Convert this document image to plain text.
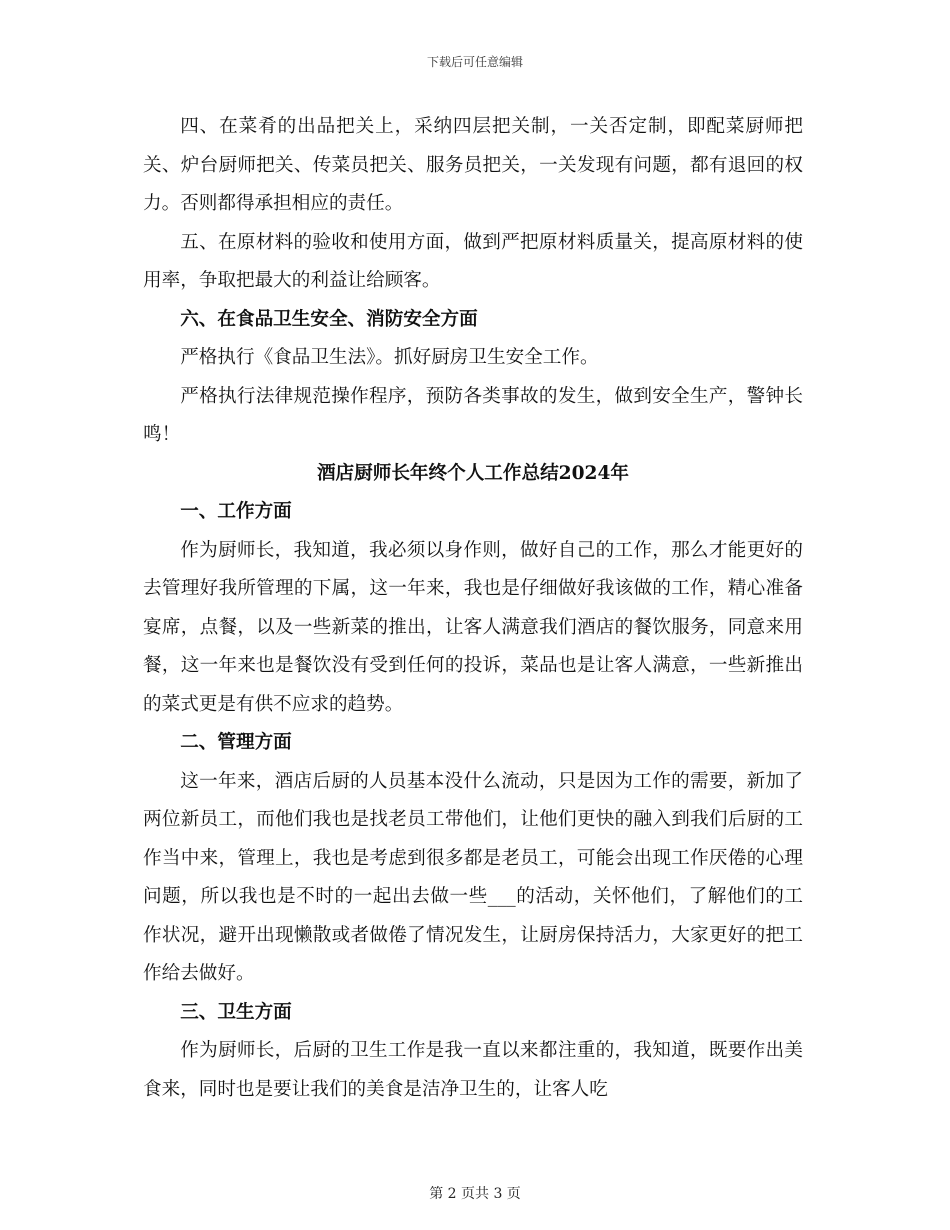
下载后可任意编辑

四、在菜肴的出品把关上，采纳四层把关制，一关否定制，即配菜厨师把关、炉台厨师把关、传菜员把关、服务员把关，一关发现有问题，都有退回的权力。否则都得承担相应的责任。

五、在原材料的验收和使用方面，做到严把原材料质量关，提高原材料的使用率，争取把最大的利益让给顾客。

六、在食品卫生安全、消防安全方面

严格执行《食品卫生法》。抓好厨房卫生安全工作。

严格执行法律规范操作程序，预防各类事故的发生，做到安全生产，警钟长鸣！

酒店厨师长年终个人工作总结2024年

一、工作方面

作为厨师长，我知道，我必须以身作则，做好自己的工作，那么才能更好的去管理好我所管理的下属，这一年来，我也是仔细做好我该做的工作，精心准备宴席，点餐，以及一些新菜的推出，让客人满意我们酒店的餐饮服务，同意来用餐，这一年来也是餐饮没有受到任何的投诉，菜品也是让客人满意，一些新推出的菜式更是有供不应求的趋势。

二、管理方面

这一年来，酒店后厨的人员基本没什么流动，只是因为工作的需要，新加了两位新员工，而他们我也是找老员工带他们，让他们更快的融入到我们后厨的工作当中来，管理上，我也是考虑到很多都是老员工，可能会出现工作厌倦的心理问题，所以我也是不时的一起出去做一些___的活动，关怀他们，了解他们的工作状况，避开出现懒散或者做倦了情况发生，让厨房保持活力，大家更好的把工作给去做好。

三、卫生方面

作为厨师长，后厨的卫生工作是我一直以来都注重的，我知道，既要作出美食来，同时也是要让我们的美食是洁净卫生的，让客人吃

第 2 页共 3 页
